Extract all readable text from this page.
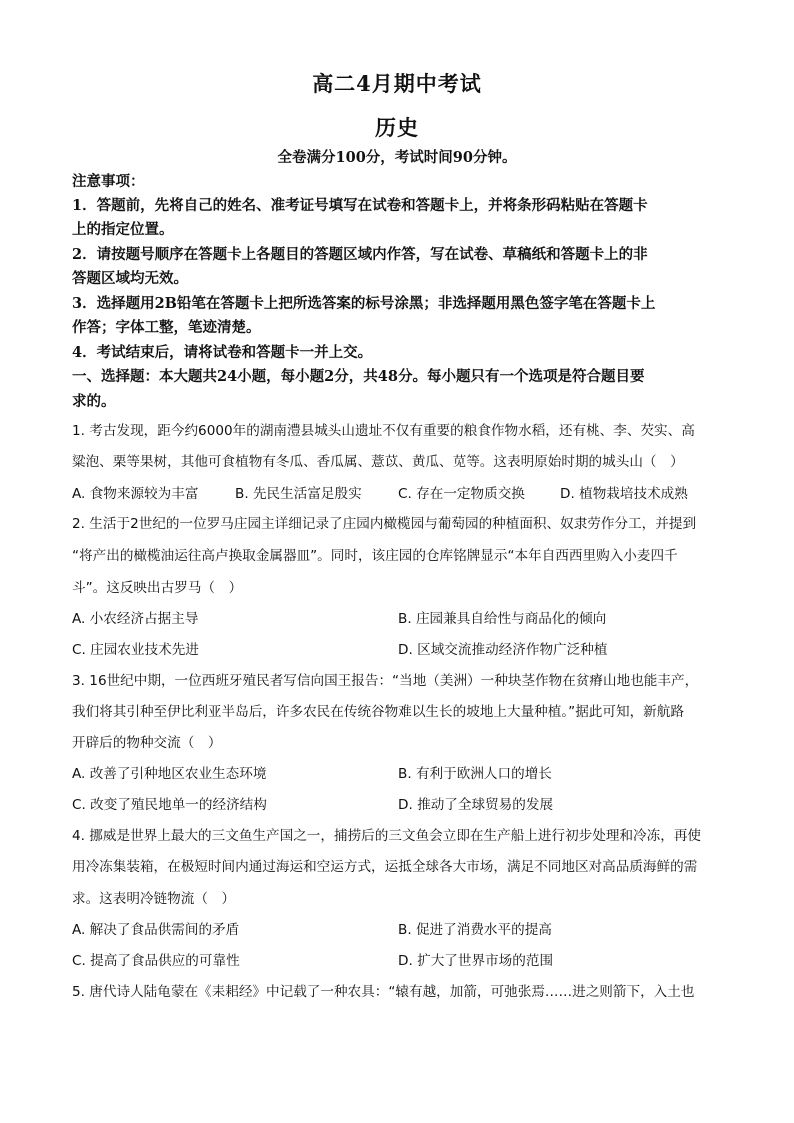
高二4月期中考试
历史
全卷满分100分，考试时间90分钟。
注意事项：
1．答题前，先将自己的姓名、准考证号填写在试卷和答题卡上，并将条形码粘贴在答题卡
上的指定位置。
2．请按题号顺序在答题卡上各题目的答题区域内作答，写在试卷、草稿纸和答题卡上的非
答题区域均无效。
3．选择题用2B铅笔在答题卡上把所选答案的标号涂黑；非选择题用黑色签字笔在答题卡上
作答；字体工整，笔迹清楚。
4．考试结束后，请将试卷和答题卡一并上交。
一、选择题：本大题共24小题，每小题2分，共48分。每小题只有一个选项是符合题目要
求的。
1. 考古发现，距今约6000年的湖南澧县城头山遗址不仅有重要的粮食作物水稻，还有桃、李、芡实、高
粱泡、栗等果树，其他可食植物有冬瓜、香瓜属、薏苡、黄瓜、苋等。这表明原始时期的城头山（　）
A. 食物来源较为丰富	B. 先民生活富足殷实	C. 存在一定物质交换	D. 植物栽培技术成熟
2. 生活于2世纪的一位罗马庄园主详细记录了庄园内橄榄园与葡萄园的种植面积、奴隶劳作分工，并提到
“将产出的橄榄油运往高卢换取金属器皿”。同时，该庄园的仓库铭牌显示“本年自西西里购入小麦四千
斗”。这反映出古罗马（　）
A. 小农经济占据主导	B. 庄园兼具自给性与商品化的倾向
C. 庄园农业技术先进	D. 区域交流推动经济作物广泛种植
3. 16世纪中期，一位西班牙殖民者写信向国王报告：“当地（美洲）一种块茎作物在贫瘠山地也能丰产，
我们将其引种至伊比利亚半岛后，许多农民在传统谷物难以生长的坡地上大量种植。”据此可知，新航路
开辟后的物种交流（　）
A. 改善了引种地区农业生态环境	B. 有利于欧洲人口的增长
C. 改变了殖民地单一的经济结构	D. 推动了全球贸易的发展
4. 挪威是世界上最大的三文鱼生产国之一，捕捞后的三文鱼会立即在生产船上进行初步处理和冷冻，再使
用冷冻集装箱，在极短时间内通过海运和空运方式，运抵全球各大市场，满足不同地区对高品质海鲜的需
求。这表明冷链物流（　）
A. 解决了食品供需间的矛盾	B. 促进了消费水平的提高
C. 提高了食品供应的可靠性	D. 扩大了世界市场的范围
5. 唐代诗人陆龟蒙在《耒耜经》中记载了一种农具：“辕有越，加箭，可弛张焉……进之则箭下，入土也
